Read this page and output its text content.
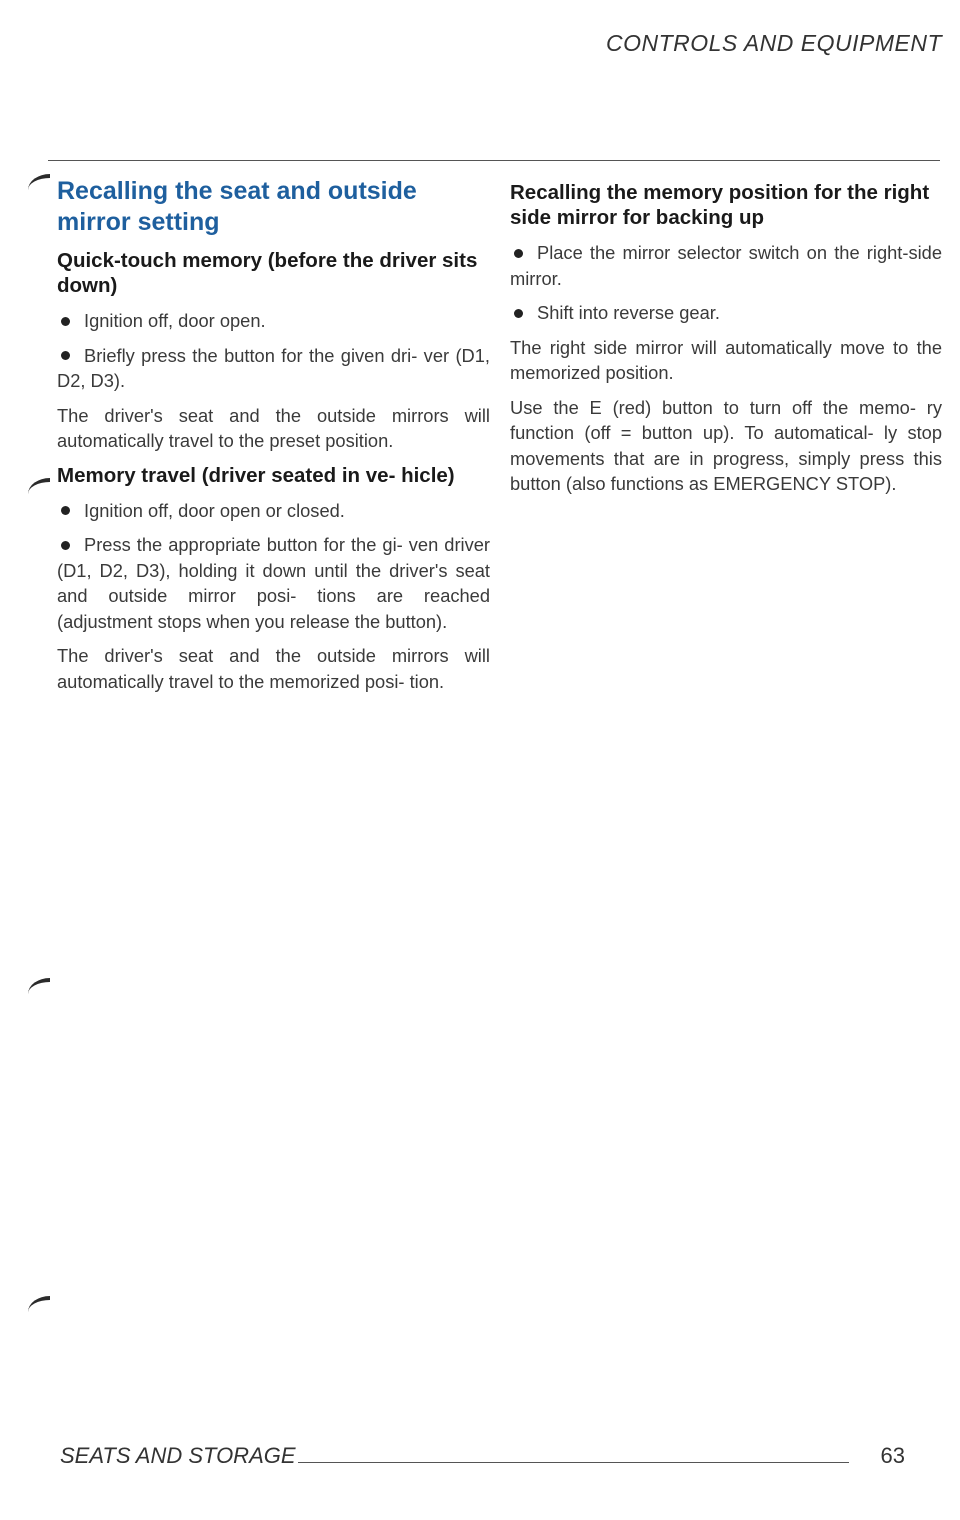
CONTROLS AND EQUIPMENT
Recalling the seat and outside mirror setting
Quick-touch memory (before the driver sits down)

Ignition off, door open.

Briefly press the button for the given dri- ver (D1, D2, D3).

The driver's seat and the outside mirrors will automatically travel to the preset position.

Memory travel (driver seated in ve- hicle)

Ignition off, door open or closed.

Press the appropriate button for the gi- ven driver (D1, D2, D3), holding it down until the driver's seat and outside mirror posi- tions are reached (adjustment stops when you release the button).

The driver's seat and the outside mirrors will automatically travel to the memorized posi- tion.

Recalling the memory position for the right side mirror for backing up

Place the mirror selector switch on the right-side mirror.

Shift into reverse gear.

The right side mirror will automatically move to the memorized position.

Use the E (red) button to turn off the memo- ry function (off = button up). To automatical- ly stop movements that are in progress, simply press this button (also functions as EMERGENCY STOP).

SEATS AND STORAGE	63
